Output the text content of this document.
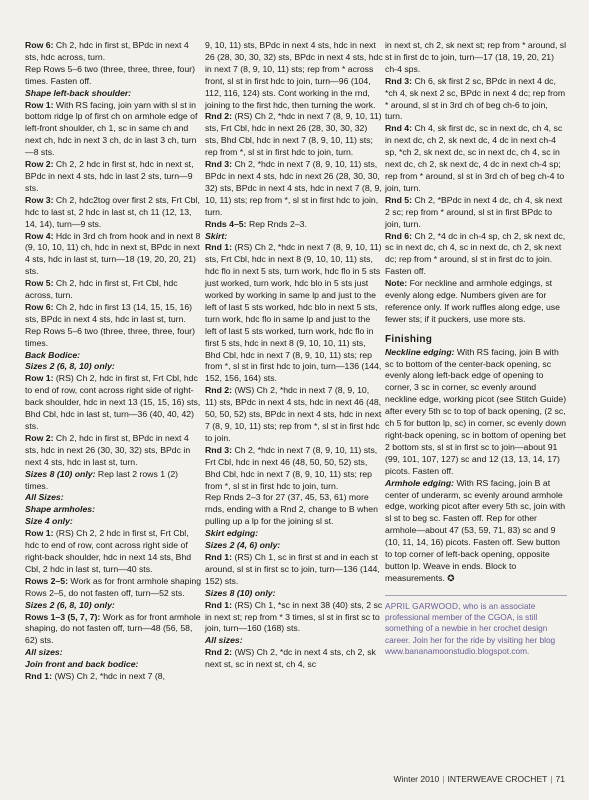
Row 6: Ch 2, hdc in first st, BPdc in next 4 sts, hdc across, turn.

Rep Rows 5–6 two (three, three, three, four) times. Fasten off.

Shape left-back shoulder:

Row 1: With RS facing, join yarn with sl st in bottom ridge lp of first ch on armhole edge of left-front shoulder, ch 1, sc in same ch and next ch, hdc in next 3 ch, dc in last 3 ch, turn—8 sts.

Row 2: Ch 2, 2 hdc in first st, hdc in next st, BPdc in next 4 sts, hdc in last 2 sts, turn—9 sts.

Row 3: Ch 2, hdc2tog over first 2 sts, Frt Cbl, hdc to last st, 2 hdc in last st, ch 11 (12, 13, 14, 14), turn—9 sts.

Row 4: Hdc in 3rd ch from hook and in next 8 (9, 10, 10, 11) ch, hdc in next st, BPdc in next 4 sts, hdc in last st, turn—18 (19, 20, 20, 21) sts.

Row 5: Ch 2, hdc in first st, Frt Cbl, hdc across, turn.

Row 6: Ch 2, hdc in first 13 (14, 15, 15, 16) sts, BPdc in next 4 sts, hdc in last st, turn.

Rep Rows 5–6 two (three, three, three, four) times.

Back Bodice:

Sizes 2 (6, 8, 10) only:

Row 1: (RS) Ch 2, hdc in first st, Frt Cbl, hdc to end of row, cont across right side of right-back shoulder, hdc in next 13 (15, 15, 16) sts, Bhd Cbl, hdc in last st, turn—36 (40, 40, 42) sts.

Row 2: Ch 2, hdc in first st, BPdc in next 4 sts, hdc in next 26 (30, 30, 32) sts, BPdc in next 4 sts, hdc in last st, turn.

Sizes 8 (10) only: Rep last 2 rows 1 (2) times.

All Sizes:

Shape armholes:

Size 4 only:

Row 1: (RS) Ch 2, 2 hdc in first st, Frt Cbl, hdc to end of row, cont across right side of right-back shoulder, hdc in next 14 sts, Bhd Cbl, 2 hdc in last st, turn—40 sts.

Rows 2–5: Work as for front armhole shaping Rows 2–5, do not fasten off, turn—52 sts.

Sizes 2 (6, 8, 10) only:

Rows 1–3 (5, 7, 7): Work as for front armhole shaping, do not fasten off, turn—48 (56, 58, 62) sts.

All sizes:

Join front and back bodice:

Rnd 1: (WS) Ch 2, *hdc in next 7 (8,

9, 10, 11) sts, BPdc in next 4 sts, hdc in next 26 (28, 30, 30, 32) sts, BPdc in next 4 sts, hdc in next 7 (8, 9, 10, 11) sts; rep from * across front, sl st in first hdc to join, turn—96 (104, 112, 116, 124) sts. Cont working in the rnd, joining to the first hdc, then turning the work.

Rnd 2: (RS) Ch 2, *hdc in next 7 (8, 9, 10, 11) sts, Frt Cbl, hdc in next 26 (28, 30, 30, 32) sts, Bhd Cbl, hdc in next 7 (8, 9, 10, 11) sts; rep from *, sl st in first hdc to join, turn.

Rnd 3: Ch 2, *hdc in next 7 (8, 9, 10, 11) sts, BPdc in next 4 sts, hdc in next 26 (28, 30, 30, 32) sts, BPdc in next 4 sts, hdc in next 7 (8, 9, 10, 11) sts; rep from *, sl st in first hdc to join, turn.

Rnds 4–5: Rep Rnds 2–3.

Skirt:

Rnd 1: (RS) Ch 2, *hdc in next 7 (8, 9, 10, 11) sts, Frt Cbl, hdc in next 8 (9, 10, 10, 11) sts, hdc flo in next 5 sts, turn work, hdc flo in 5 sts just worked, turn work, hdc blo in 5 sts just worked by working in same lp and just to the left of last 5 sts worked, hdc blo in next 5 sts, turn work, hdc flo in same lp and just to the left of last 5 sts worked, turn work, hdc flo in first 5 sts, hdc in next 8 (9, 10, 10, 11) sts, Bhd Cbl, hdc in next 7 (8, 9, 10, 11) sts; rep from *, sl st in first hdc to join, turn—136 (144, 152, 156, 164) sts.

Rnd 2: (WS) Ch 2, *hdc in next 7 (8, 9, 10, 11) sts, BPdc in next 4 sts, hdc in next 46 (48, 50, 50, 52) sts, BPdc in next 4 sts, hdc in next 7 (8, 9, 10, 11) sts; rep from *, sl st in first hdc to join.

Rnd 3: Ch 2, *hdc in next 7 (8, 9, 10, 11) sts, Frt Cbl, hdc in next 46 (48, 50, 50, 52) sts, Bhd Cbl, hdc in next 7 (8, 9, 10, 11) sts; rep from *, sl st in first hdc to join, turn.

Rep Rnds 2–3 for 27 (37, 45, 53, 61) more rnds, ending with a Rnd 2, change to B when pulling up a lp for the joining sl st.

Skirt edging:

Sizes 2 (4, 6) only:

Rnd 1: (RS) Ch 1, sc in first st and in each st around, sl st in first sc to join, turn—136 (144, 152) sts.

Sizes 8 (10) only:

Rnd 1: (RS) Ch 1, *sc in next 38 (40) sts, 2 sc in next st; rep from * 3 times, sl st in first sc to join, turn—160 (168) sts.

All sizes:

Rnd 2: (WS) Ch 2, *dc in next 4 sts, ch 2, sk next st, sc in next st, ch 4, sc

in next st, ch 2, sk next st; rep from * around, sl st in first dc to join, turn—17 (18, 19, 20, 21) ch-4 sps.

Rnd 3: Ch 6, sk first 2 sc, BPdc in next 4 dc, *ch 4, sk next 2 sc, BPdc in next 4 dc; rep from * around, sl st in 3rd ch of beg ch-6 to join, turn.

Rnd 4: Ch 4, sk first dc, sc in next dc, ch 4, sc in next dc, ch 2, sk next dc, 4 dc in next ch-4 sp, *ch 2, sk next dc, sc in next dc, ch 4, sc in next dc, ch 2, sk next dc, 4 dc in next ch-4 sp; rep from * around, sl st in 3rd ch of beg ch-4 to join, turn.

Rnd 5: Ch 2, *BPdc in next 4 dc, ch 4, sk next 2 sc; rep from * around, sl st in first BPdc to join, turn.

Rnd 6: Ch 2, *4 dc in ch-4 sp, ch 2, sk next dc, sc in next dc, ch 4, sc in next dc, ch 2, sk next dc; rep from * around, sl st in first dc to join. Fasten off.

Note: For neckline and armhole edgings, st evenly along edge. Numbers given are for reference only. If work ruffles along edge, use fewer sts; if it puckers, use more sts.

Finishing

Neckline edging: With RS facing, join B with sc to bottom of the center-back opening, sc evenly along left-back edge of opening to corner, 3 sc in corner, sc evenly around neckline edge, working picot (see Stitch Guide) after every 5th sc to top of back opening, (2 sc, ch 5 for button lp, sc) in corner, sc evenly down right-back opening, sc in bottom of opening bet 2 bottom sts, sl st in first sc to join—about 91 (99, 101, 107, 127) sc and 12 (13, 13, 14, 17) picots. Fasten off.

Armhole edging: With RS facing, join B at center of underarm, sc evenly around armhole edge, working picot after every 5th sc, join with sl st to beg sc. Fasten off. Rep for other armhole—about 47 (53, 59, 71, 83) sc and 9 (10, 11, 14, 16) picots. Fasten off. Sew button to top corner of left-back opening, opposite button lp. Weave in ends. Block to measurements. ✪

APRIL GARWOOD, who is an associate professional member of the CGOA, is still something of a newbie in her crochet design career. Join her for the ride by visiting her blog www.bananamoonstudio.blogspot.com.

Winter 2010 | INTERWEAVE CROCHET | 71
